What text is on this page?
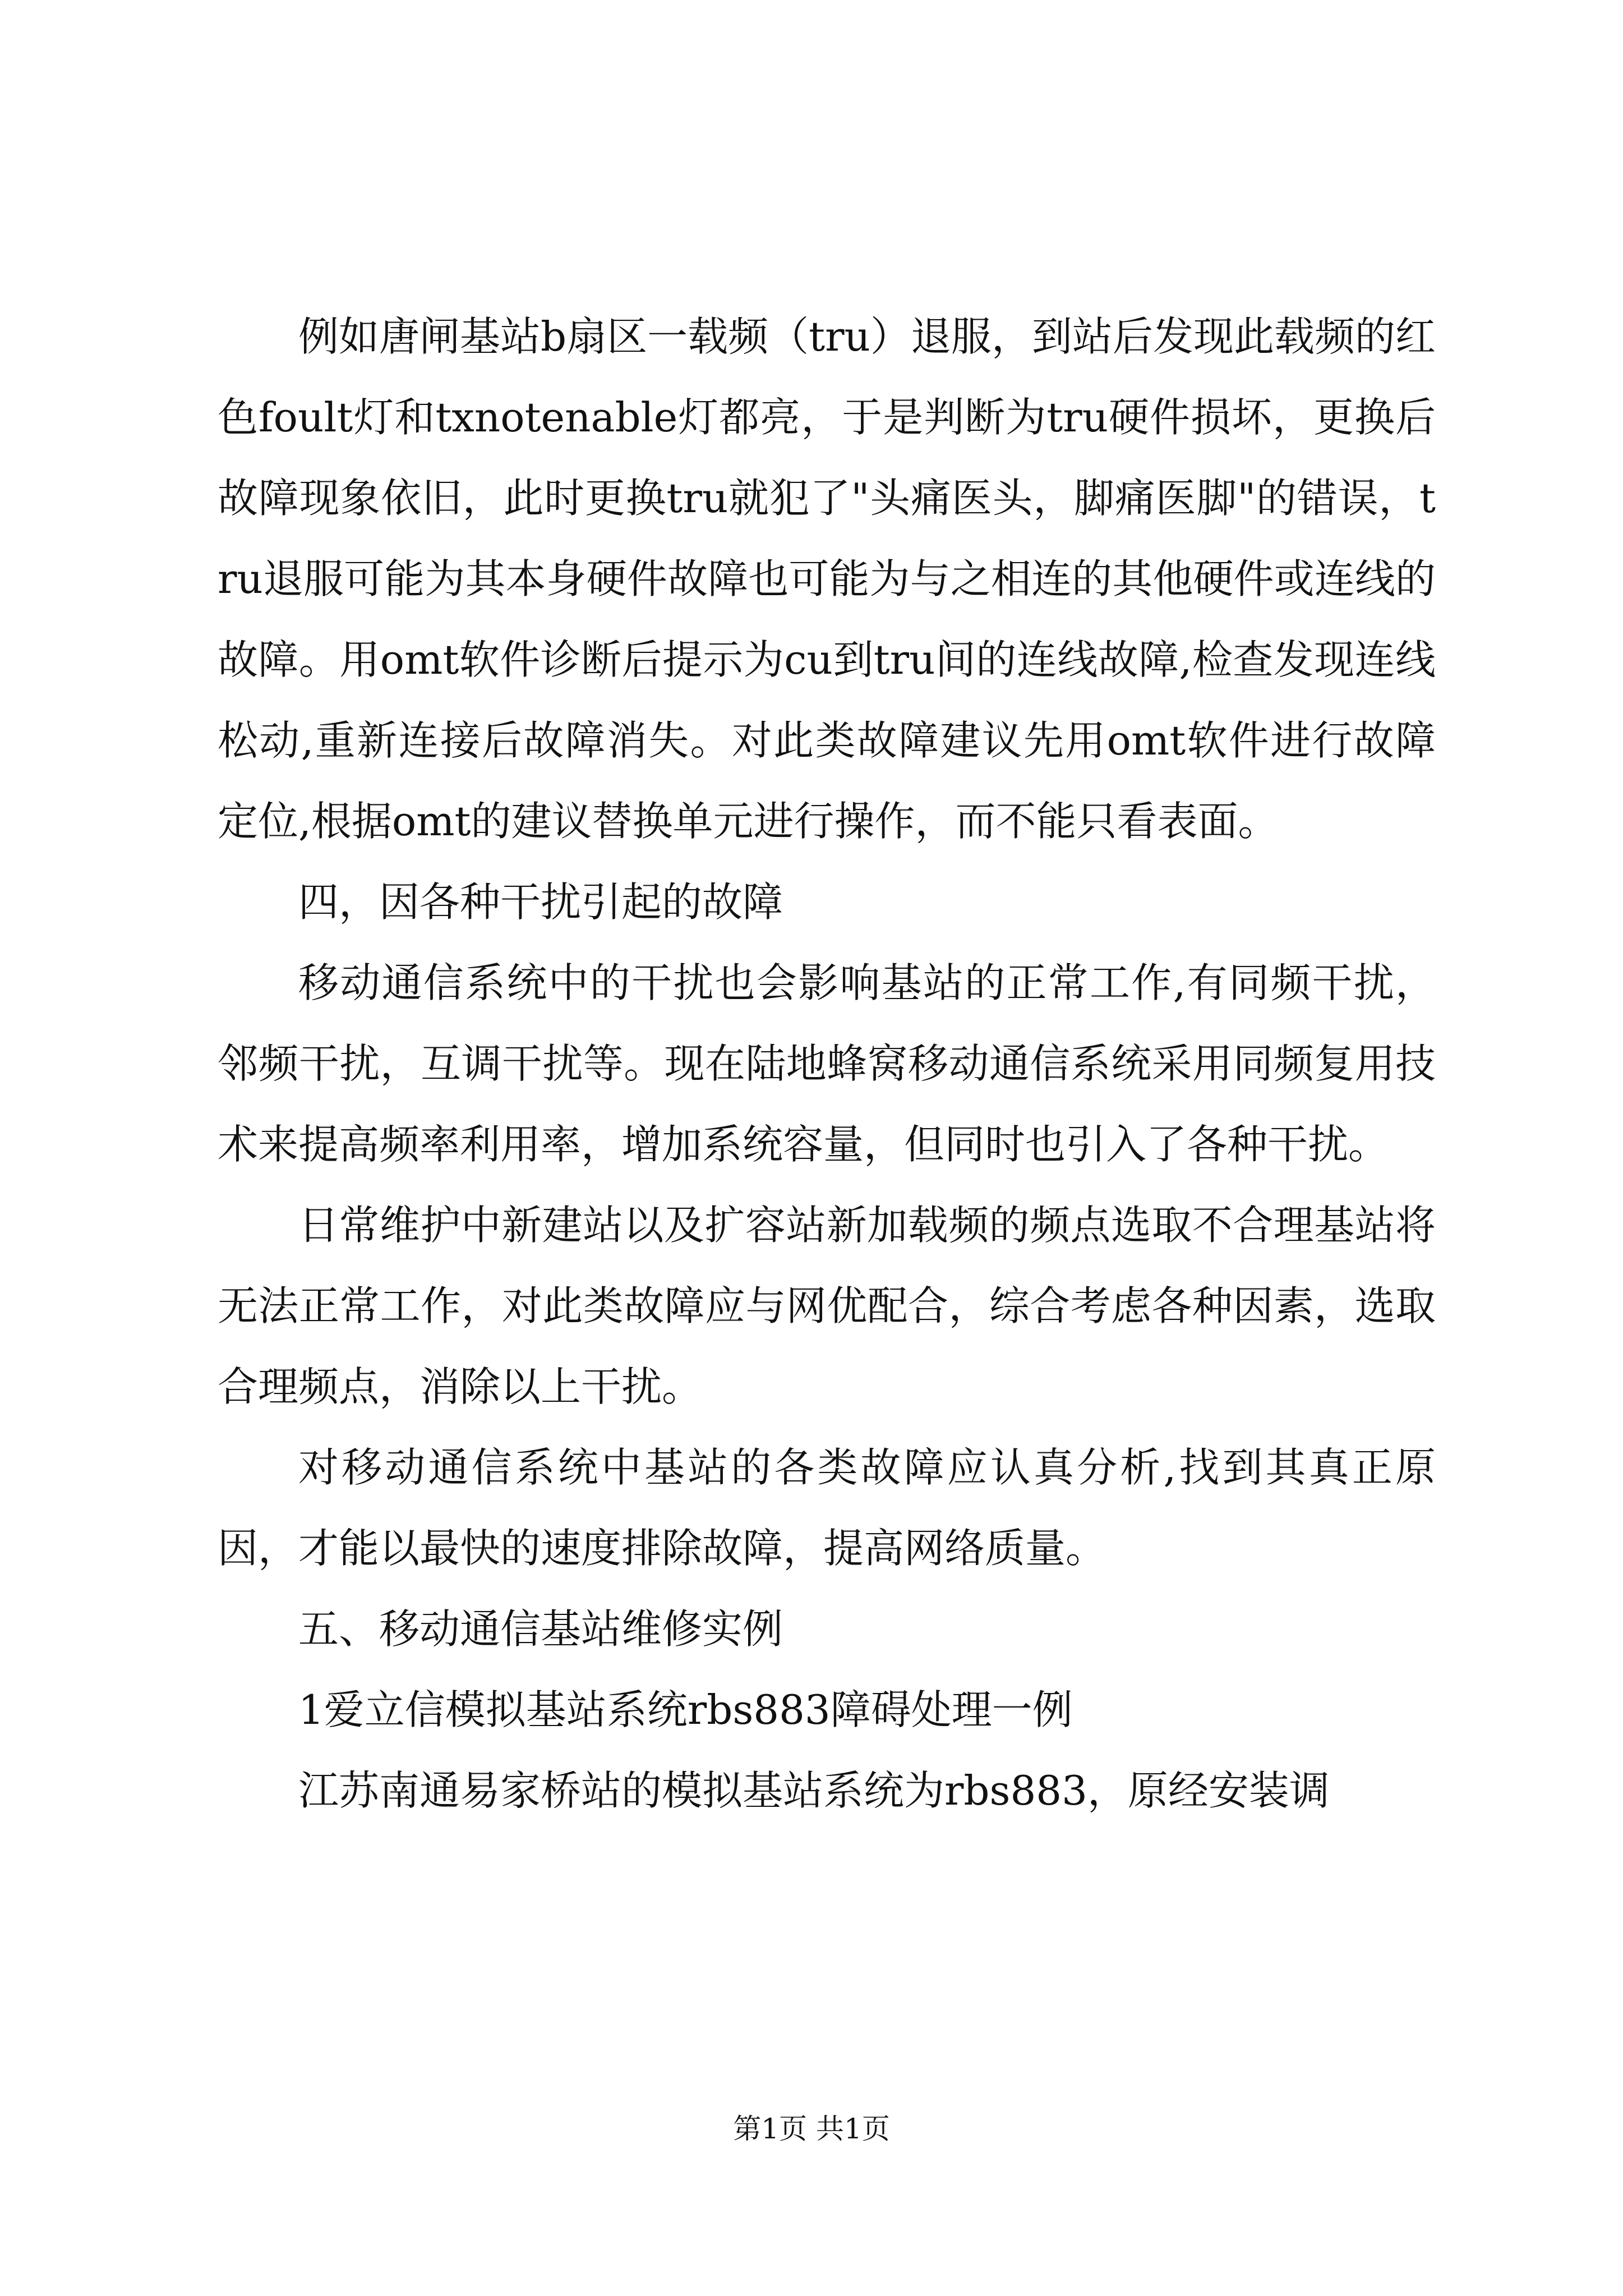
例如唐闸基站b扇区一载频（tru）退服，到站后发现此载频的红色foult灯和txnotenable灯都亮，于是判断为tru硬件损坏，更换后故障现象依旧，此时更换tru就犯了"头痛医头，脚痛医脚"的错误，tru退服可能为其本身硬件故障也可能为与之相连的其他硬件或连线的故障。用omt软件诊断后提示为cu到tru间的连线故障,检查发现连线松动,重新连接后故障消失。对此类故障建议先用omt软件进行故障定位,根据omt的建议替换单元进行操作，而不能只看表面。

四，因各种干扰引起的故障

移动通信系统中的干扰也会影响基站的正常工作,有同频干扰，邻频干扰，互调干扰等。现在陆地蜂窝移动通信系统采用同频复用技术来提高频率利用率，增加系统容量，但同时也引入了各种干扰。

日常维护中新建站以及扩容站新加载频的频点选取不合理基站将无法正常工作，对此类故障应与网优配合，综合考虑各种因素，选取合理频点，消除以上干扰。

对移动通信系统中基站的各类故障应认真分析,找到其真正原因，才能以最快的速度排除故障，提高网络质量。

五、移动通信基站维修实例

1爱立信模拟基站系统rbs883障碍处理一例

江苏南通易家桥站的模拟基站系统为rbs883，原经安装调

第1页 共1页
